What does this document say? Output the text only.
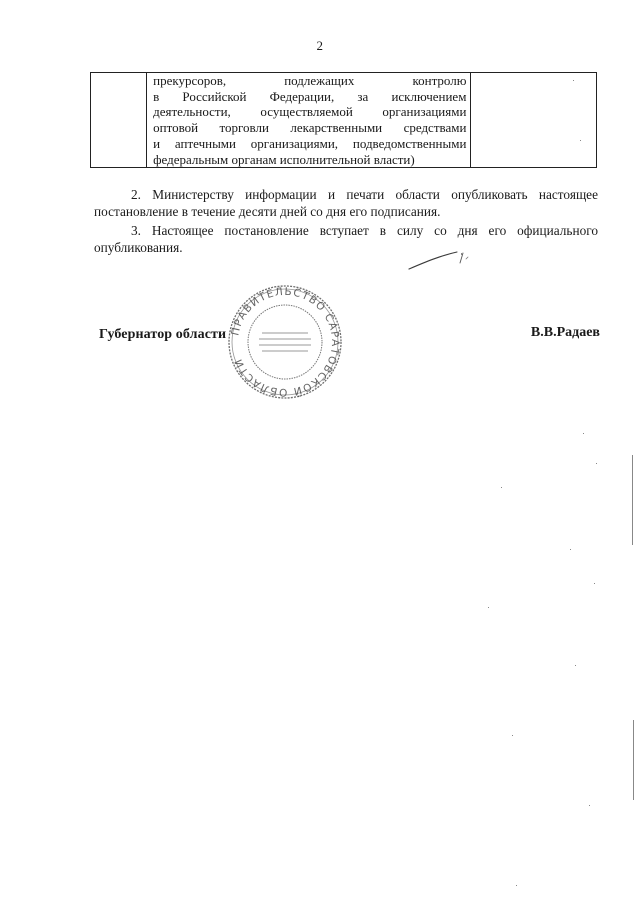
2

прекурсоров, подлежащих контролю
в Российской Федерации, за исключением
деятельности, осуществляемой организациями
оптовой торговли лекарственными средствами
и аптечными организациями, подведомственными
федеральным органам исполнительной власти)

2. Министерству информации и печати области опубликовать настоящее
постановление в течение десяти дней со дня его подписания.
3. Настоящее постановление вступает в силу со дня его официального
опубликования.
ПРАВИТЕЛЬСТВО САРАТОВСКОЙ ОБЛАСТИ
Губернатор области	В.В.Радаев
